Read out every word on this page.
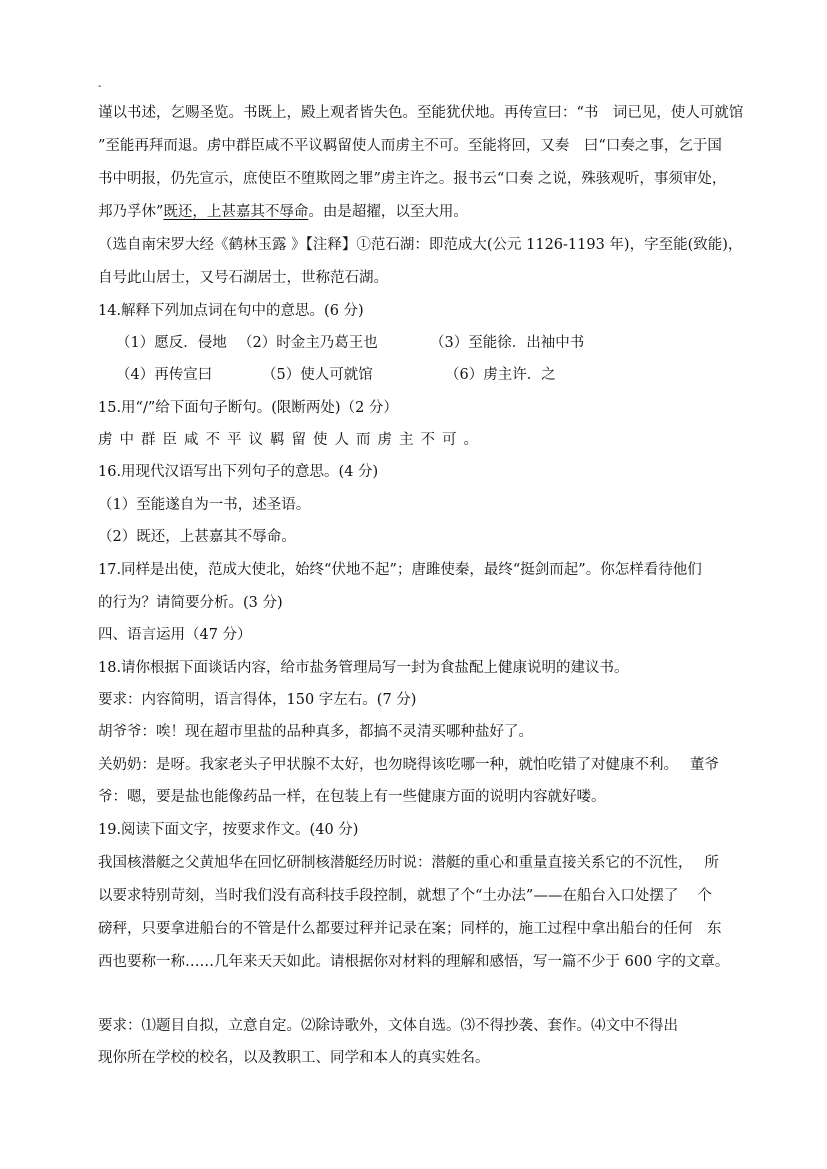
-
谨以书述，乞赐圣览。书既上，殿上观者皆失色。至能犹伏地。再传宣曰：“书　词已见，使人可就馆
”至能再拜而退。虏中群臣咸不平议羁留使人而虏主不可。至能将回，又奏　曰“口奏之事，乞于国
书中明报，仍先宣示，庶使臣不堕欺罔之罪”虏主许之。报书云“口奏 之说，殊骇观听，事须审处，
邦乃孚休”既还，上甚嘉其不辱命。由是超擢，以至大用。
（选自南宋罗大经《鹤林玉露 》【注释】①范石湖：即范成大(公元 1126-1193 年)，字至能(致能)，
自号此山居士，又号石湖居士，世称范石湖。
14.解释下列加点词在句中的意思。(6 分)
（1）愿反．侵地 （2）时金主乃葛王也	（3）至能徐．出袖中书
（4）再传宣曰	（5）使人可就馆	（6）虏主许．之
15.用“/”给下面句子断句。(限断两处)（2 分）
虏中群臣咸不平议羁留使人而虏主不可。
16.用现代汉语写出下列句子的意思。(4 分)
（1）至能遂自为一书，述圣语。
（2）既还，上甚嘉其不辱命。
17.同样是出使，范成大使北，始终“伏地不起”；唐雎使秦，最终“挺剑而起”。你怎样看待他们
的行为？请简要分析。(3 分)
四、语言运用（47 分）
18.请你根据下面谈话内容，给市盐务管理局写一封为食盐配上健康说明的建议书。
要求：内容简明，语言得体，150 字左右。(7 分)
胡爷爷：唉！现在超市里盐的品种真多，都搞不灵清买哪种盐好了。
关奶奶：是呀。我家老头子甲状腺不太好，也勿晓得该吃哪一种，就怕吃错了对健康不利。　 董爷
爷：嗯，要是盐也能像药品一样，在包装上有一些健康方面的说明内容就好喽。
19.阅读下面文字，按要求作文。(40 分)
我国核潜艇之父黄旭华在回忆研制核潜艇经历时说：潜艇的重心和重量直接关系它的不沉性，　 所
以要求特别苛刻，当时我们没有高科技手段控制，就想了个“土办法”——在船台入口处摆了　 个
磅秤，只要拿进船台的不管是什么都要过秤并记录在案；同样的，施工过程中拿出船台的任何　东
西也要称一称……几年来天天如此。请根据你对材料的理解和感悟，写一篇不少于 600 字的文章。
要求：⑴题目自拟，立意自定。⑵除诗歌外，文体自选。⑶不得抄袭、套作。⑷文中不得出
现你所在学校的校名，以及教职工、同学和本人的真实姓名。
